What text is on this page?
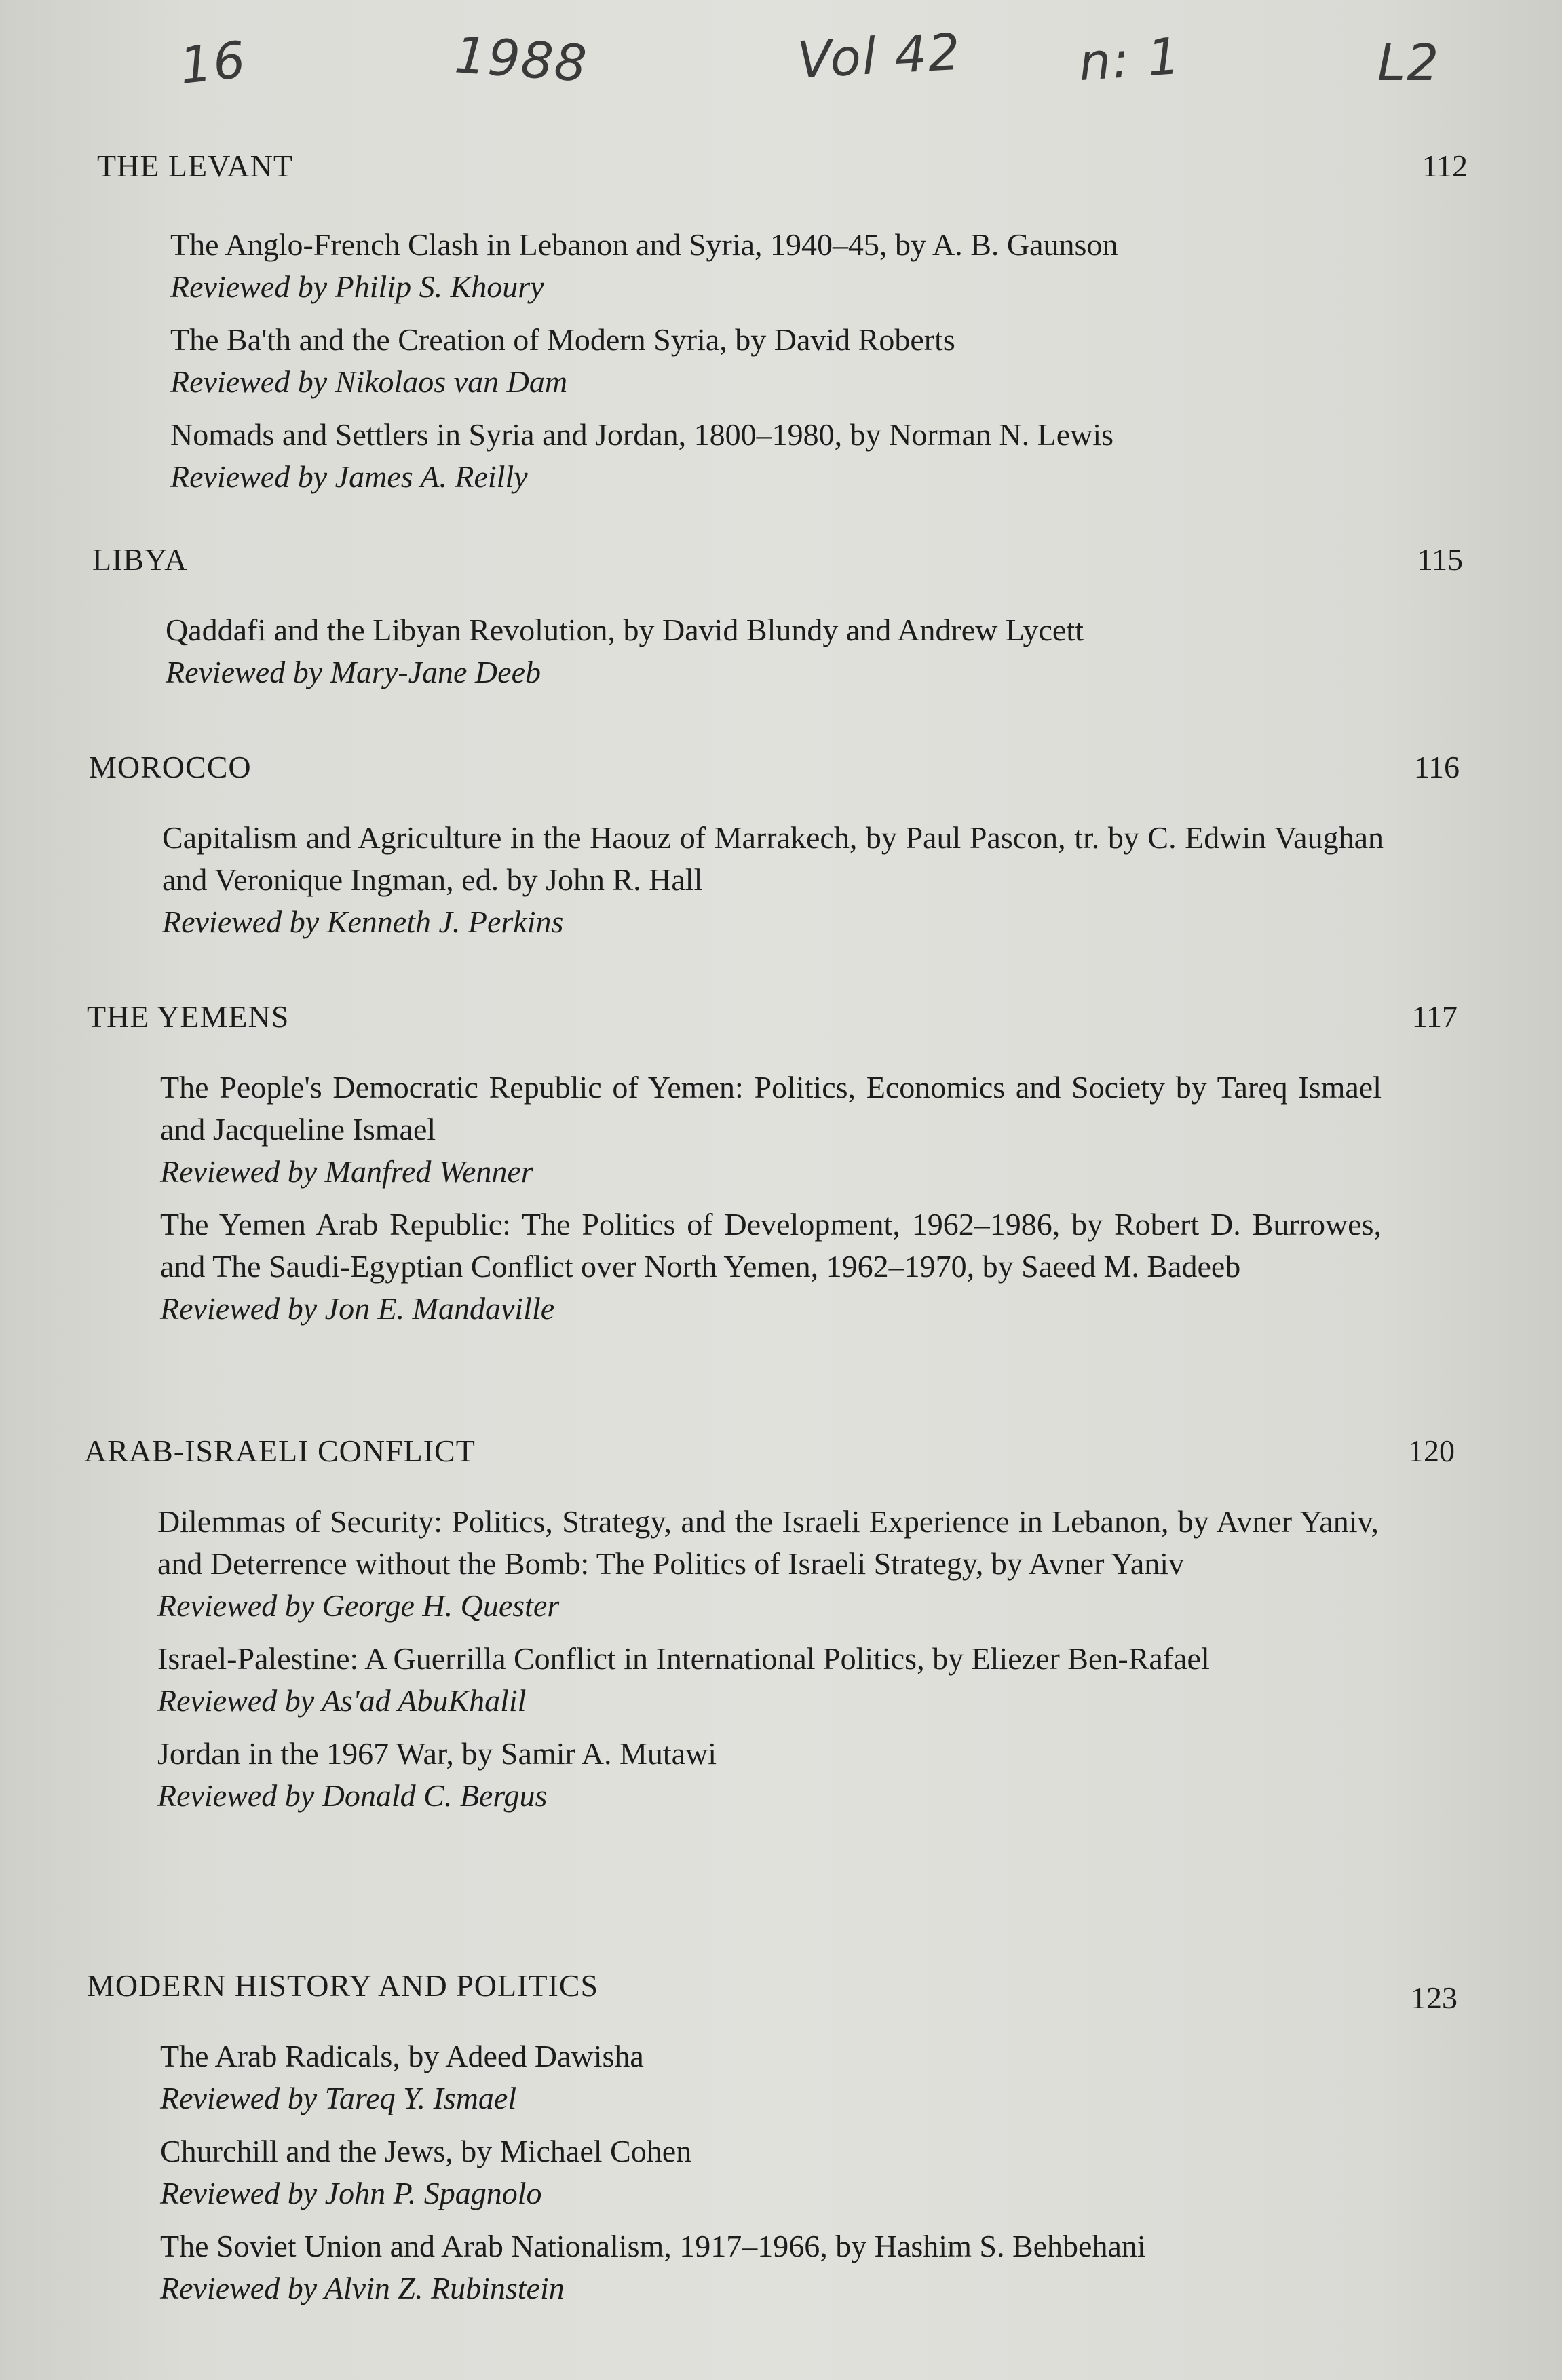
16	1988	Vol 42 n: 1	L2
THE LEVANT	112
The Anglo-French Clash in Lebanon and Syria, 1940–45, by A. B. Gaunson
Reviewed by Philip S. Khoury
The Ba'th and the Creation of Modern Syria, by David Roberts
Reviewed by Nikolaos van Dam
Nomads and Settlers in Syria and Jordan, 1800–1980, by Norman N. Lewis
Reviewed by James A. Reilly
LIBYA	115
Qaddafi and the Libyan Revolution, by David Blundy and Andrew Lycett
Reviewed by Mary-Jane Deeb
MOROCCO	116
Capitalism and Agriculture in the Haouz of Marrakech, by Paul Pascon, tr. by C. Edwin Vaughan and Veronique Ingman, ed. by John R. Hall
Reviewed by Kenneth J. Perkins
THE YEMENS	117
The People's Democratic Republic of Yemen: Politics, Economics and Society by Tareq Ismael and Jacqueline Ismael
Reviewed by Manfred Wenner
The Yemen Arab Republic: The Politics of Development, 1962–1986, by Robert D. Burrowes, and The Saudi-Egyptian Conflict over North Yemen, 1962–1970, by Saeed M. Badeeb
Reviewed by Jon E. Mandaville
ARAB-ISRAELI CONFLICT	120
Dilemmas of Security: Politics, Strategy, and the Israeli Experience in Lebanon, by Avner Yaniv, and Deterrence without the Bomb: The Politics of Israeli Strategy, by Avner Yaniv
Reviewed by George H. Quester
Israel-Palestine: A Guerrilla Conflict in International Politics, by Eliezer Ben-Rafael
Reviewed by As'ad AbuKhalil
Jordan in the 1967 War, by Samir A. Mutawi
Reviewed by Donald C. Bergus
MODERN HISTORY AND POLITICS	123
The Arab Radicals, by Adeed Dawisha
Reviewed by Tareq Y. Ismael
Churchill and the Jews, by Michael Cohen
Reviewed by John P. Spagnolo
The Soviet Union and Arab Nationalism, 1917–1966, by Hashim S. Behbehani
Reviewed by Alvin Z. Rubinstein
